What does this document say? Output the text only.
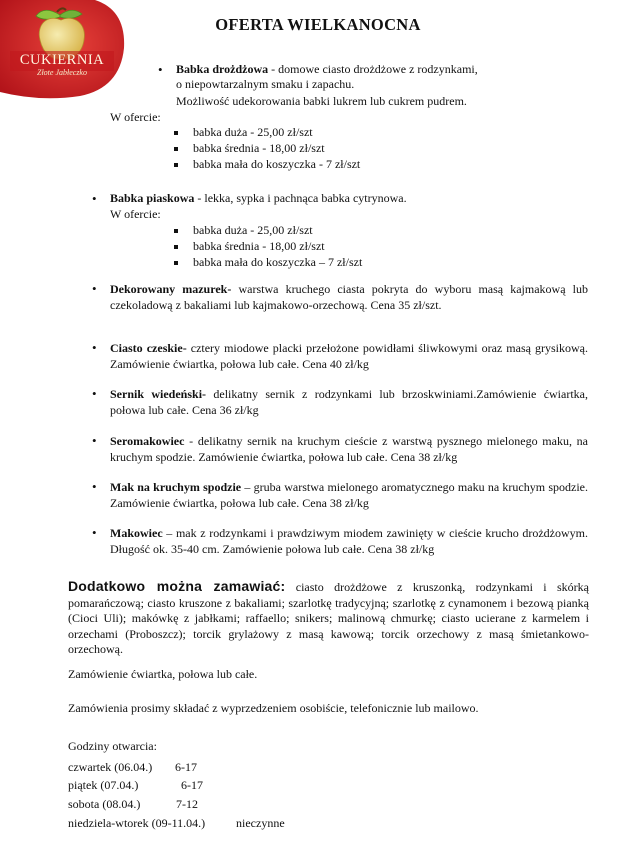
CUKIERNIA
Złote Jabłeczko
OFERTA WIELKANOCNA
• Babka drożdżowa - domowe ciasto drożdżowe z rodzynkami,
o niepowtarzalnym smaku i zapachu.
Możliwość udekorowania babki lukrem lub cukrem pudrem.
W ofercie:
babka duża - 25,00 zł/szt
babka średnia - 18,00 zł/szt
babka mała do koszyczka - 7 zł/szt
• Babka piaskowa - lekka, sypka i pachnąca babka cytrynowa.
W ofercie:
babka duża - 25,00 zł/szt
babka średnia - 18,00 zł/szt
babka mała do koszyczka – 7 zł/szt
• Dekorowany mazurek- warstwa kruchego ciasta pokryta do wyboru masą kajmakową lub czekoladową z bakaliami lub kajmakowo-orzechową. Cena 35 zł/szt.
• Ciasto czeskie- cztery miodowe placki przełożone powidłami śliwkowymi oraz masą grysikową. Zamówienie ćwiartka, połowa lub całe. Cena 40 zł/kg
• Sernik wiedeński- delikatny sernik z rodzynkami lub brzoskwiniami.Zamówienie ćwiartka, połowa lub całe. Cena 36 zł/kg
• Seromakowiec - delikatny sernik na kruchym cieście z warstwą pysznego mielonego maku, na kruchym spodzie. Zamówienie ćwiartka, połowa lub całe. Cena 38 zł/kg
• Mak na kruchym spodzie – gruba warstwa mielonego aromatycznego maku na kruchym spodzie. Zamówienie ćwiartka, połowa lub całe. Cena 38 zł/kg
• Makowiec – mak z rodzynkami i prawdziwym miodem zawinięty w cieście krucho drożdżowym. Długość ok. 35-40 cm. Zamówienie połowa lub całe. Cena 38 zł/kg
Dodatkowo można zamawiać: ciasto drożdżowe z kruszonką, rodzynkami i skórką pomarańczową; ciasto kruszone z bakaliami; szarlotkę tradycyjną; szarlotkę z cynamonem i bezową pianką (Cioci Uli); makówkę z jabłkami; raffaello; snikers; malinową chmurkę; ciasto ucierane z karmelem i orzechami (Proboszcz); torcik grylażowy z masą kawową; torcik orzechowy z masą śmietankowo- orzechową.
Zamówienie ćwiartka, połowa lub całe.
Zamówienia prosimy składać z wyprzedzeniem osobiście, telefonicznie lub mailowo.
Godziny otwarcia:
czwartek (06.04.) 6-17
piątek (07.04.)	6-17
sobota (08.04.)	7-12
niedziela-wtorek (09-11.04.)	nieczynne
